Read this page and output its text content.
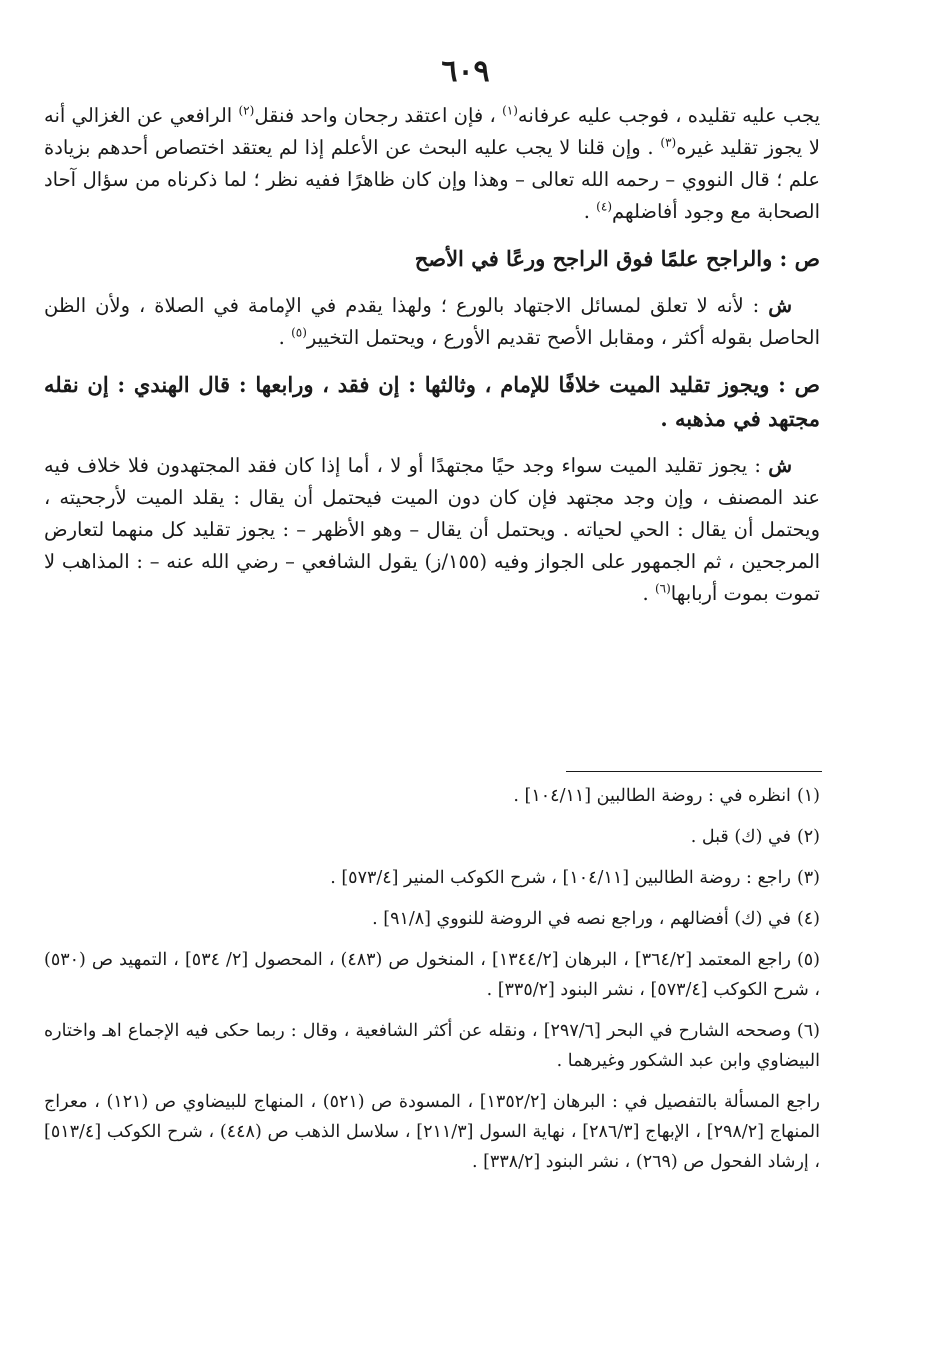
٦٠٩

يجب عليه تقليده ، فوجب عليه عرفانه$^{(١)}$ ، فإن اعتقد رجحان واحد فنقل$^{(٢)}$ الرافعي عن الغزالي أنه لا يجوز تقليد غيره$^{(٣)}$ . وإن قلنا لا يجب عليه البحث عن الأعلم إذا لم يعتقد اختصاص أحدهم بزيادة علم ؛ قال النووي – رحمه الله تعالى – وهذا وإن كان ظاهرًا ففيه نظر ؛ لما ذكرناه من سؤال آحاد الصحابة مع وجود أفاضلهم$^{(٤)}$ .

ص : والراجح علمًا فوق الراجح ورعًا في الأصح

ش : لأنه لا تعلق لمسائل الاجتهاد بالورع ؛ ولهذا يقدم في الإمامة في الصلاة ، ولأن الظن الحاصل بقوله أكثر ، ومقابل الأصح تقديم الأورع ، ويحتمل التخيير$^{(٥)}$ .

ص : ويجوز تقليد الميت خلافًا للإمام ، وثالثها : إن فقد ، ورابعها : قال الهندي : إن نقله مجتهد في مذهبه .

ش : يجوز تقليد الميت سواء وجد حيًا مجتهدًا أو لا ، أما إذا كان فقد المجتهدون فلا خلاف فيه عند المصنف ، وإن وجد مجتهد فإن كان دون الميت فيحتمل أن يقال : يقلد الميت لأرجحيته ، ويحتمل أن يقال : الحي لحياته . ويحتمل أن يقال – وهو الأظهر – : يجوز تقليد كل منهما لتعارض المرجحين ، ثم الجمهور على الجواز وفيه (١٥٥/ز) يقول الشافعي – رضي الله عنه – : المذاهب لا تموت بموت أربابها$^{(٦)}$ .

(١)انظره في : روضة الطالبين [١٠٤/١١] .

(٢)في (ك) قبل .

(٣)راجع : روضة الطالبين [١٠٤/١١] ، شرح الكوكب المنير [٥٧٣/٤] .

(٤)في (ك) أفضالهم ، وراجع نصه في الروضة للنووي [٩١/٨] .

(٥)راجع المعتمد [٣٦٤/٢] ، البرهان [١٣٤٤/٢] ، المنخول ص (٤٨٣) ، المحصول [٢/ ٥٣٤] ، التمهيد ص (٥٣٠) ، شرح الكوكب [٥٧٣/٤] ، نشر البنود [٣٣٥/٢] .

(٦)وصححه الشارح في البحر [٢٩٧/٦] ، ونقله عن أكثر الشافعية ، وقال : ربما حكى فيه الإجماع اهـ واختاره البيضاوي وابن عبد الشكور وغيرهما .

راجع المسألة بالتفصيل في : البرهان [١٣٥٢/٢] ، المسودة ص (٥٢١) ، المنهاج للبيضاوي ص (١٢١) ، معراج المنهاج [٢٩٨/٢] ، الإبهاج [٢٨٦/٣] ، نهاية السول [٢١١/٣] ، سلاسل الذهب ص (٤٤٨) ، شرح الكوكب [٥١٣/٤] ، إرشاد الفحول ص (٢٦٩) ، نشر البنود [٣٣٨/٢] .
